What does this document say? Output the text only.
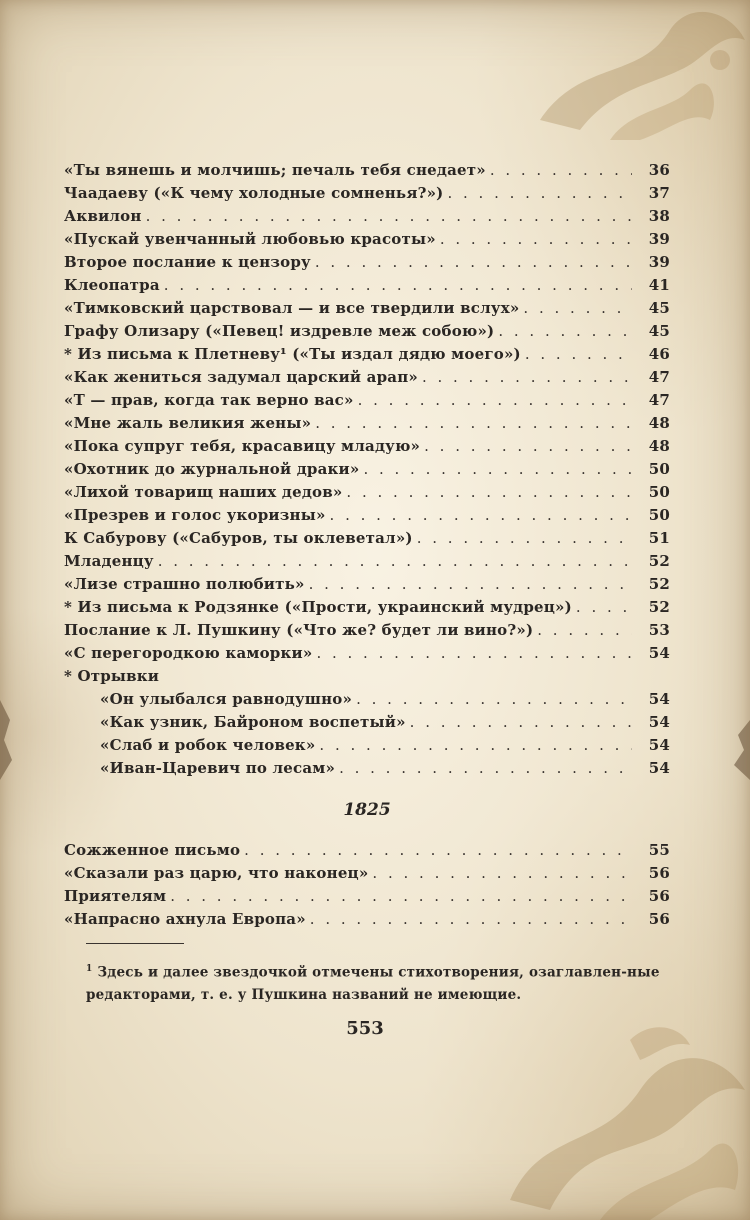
«Ты вянешь и молчишь; печаль тебя снедает» . . .	36
Чаадаеву («К чему холодные сомненья?») . . .	37
Аквилон . . .	38
«Пускай увенчанный любовью красоты» . . .	39
Второе послание к цензору . . .	39
Клеопатра . . .	41
«Тимковский царствовал — и все твердили вслух» . . .	45
Графу Олизару («Певец! издревле меж собою») . . .	45
* Из письма к Плетневу¹ («Ты издал дядю моего») . . .	46
«Как жениться задумал царский арап» . . .	47
«Т — прав, когда так верно вас» . . .	47
«Мне жаль великия жены» . . .	48
«Пока супруг тебя, красавицу младую» . . .	48
«Охотник до журнальной драки» . . .	50
«Лихой товарищ наших дедов» . . .	50
«Презрев и голос укоризны» . . .	50
К Сабурову («Сабуров, ты оклеветал») . . .	51
Младенцу . . .	52
«Лизе страшно полюбить» . . .	52
* Из письма к Родзянке («Прости, украинский мудрец») . . .	52
Послание к Л. Пушкину («Что же? будет ли вино?») . . .	53
«С перегородкою каморки» . . .	54
* Отрывки
«Он улыбался равнодушно» . . .	54
«Как узник, Байроном воспетый» . . .	54
«Слаб и робок человек» . . .	54
«Иван-Царевич по лесам» . . .	54
1825
Сожженное письмо . . .	55
«Сказали раз царю, что наконец» . . .	56
Приятелям . . .	56
«Напрасно ахнула Европа» . . .	56
$^1$ Здесь и далее звездочкой отмечены стихотворения, озаглавлен-ные редакторами, т. е. у Пушкина названий не имеющие.
553
